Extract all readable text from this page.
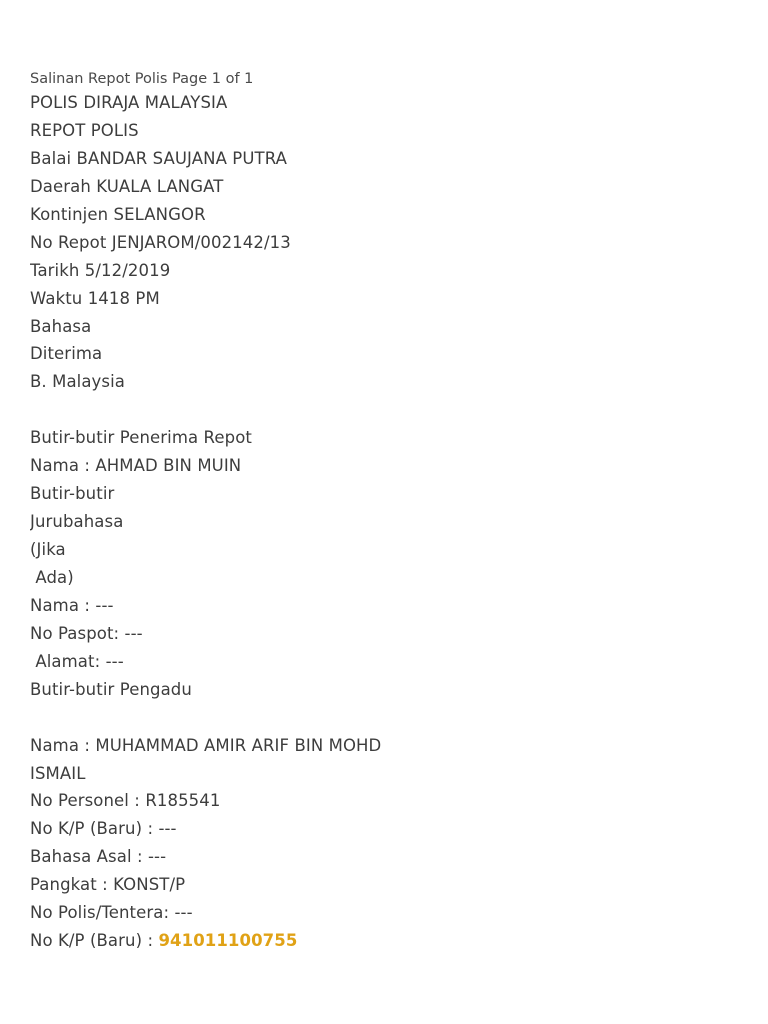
Salinan Repot Polis Page 1 of 1
POLIS DIRAJA MALAYSIA
REPOT POLIS
Balai BANDAR SAUJANA PUTRA
Daerah KUALA LANGAT
Kontinjen SELANGOR
No Repot JENJAROM/002142/13
Tarikh 5/12/2019
Waktu 1418 PM
Bahasa
Diterima
B. Malaysia
Butir-butir Penerima Repot
Nama : AHMAD BIN MUIN
Butir-butir
Jurubahasa
(Jika
Ada)
Nama : ---
No Paspot: ---
Alamat: ---
Butir-butir Pengadu
Nama : MUHAMMAD AMIR ARIF BIN MOHD
ISMAIL
No Personel : R185541
No K/P (Baru) : ---
Bahasa Asal : ---
Pangkat : KONST/P
No Polis/Tentera: ---
No K/P (Baru) : 941011100755
